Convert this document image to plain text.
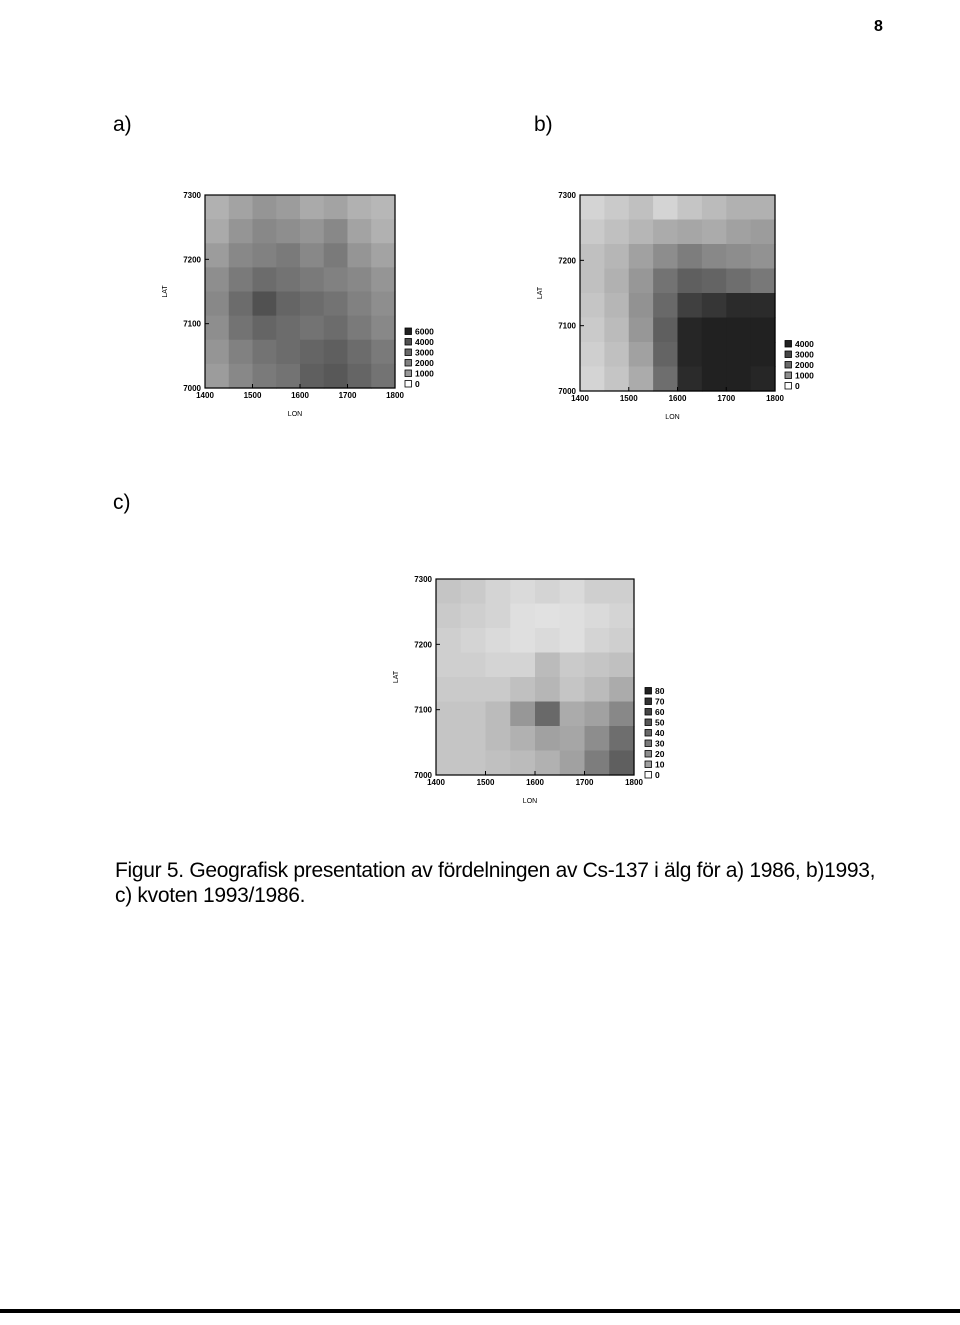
8
a)	b)
c)
1400	1500	1600	1700	1800
7000
7100
7200
7300
LON
LAT
6000
4000
3000
2000
1000
0
1400	1500	1600	1700	1800
7000
7100
7200
7300
LON
LAT
4000
3000
2000
1000
0
1400	1500	1600	1700	1800
7000
7100
7200
7300
LON
LAT
80
70
60
50
40
30
20
10
0
Figur 5. Geografisk presentation av fördelningen av Cs-137 i älg för a) 1986, b)1993,
c) kvoten 1993/1986.
